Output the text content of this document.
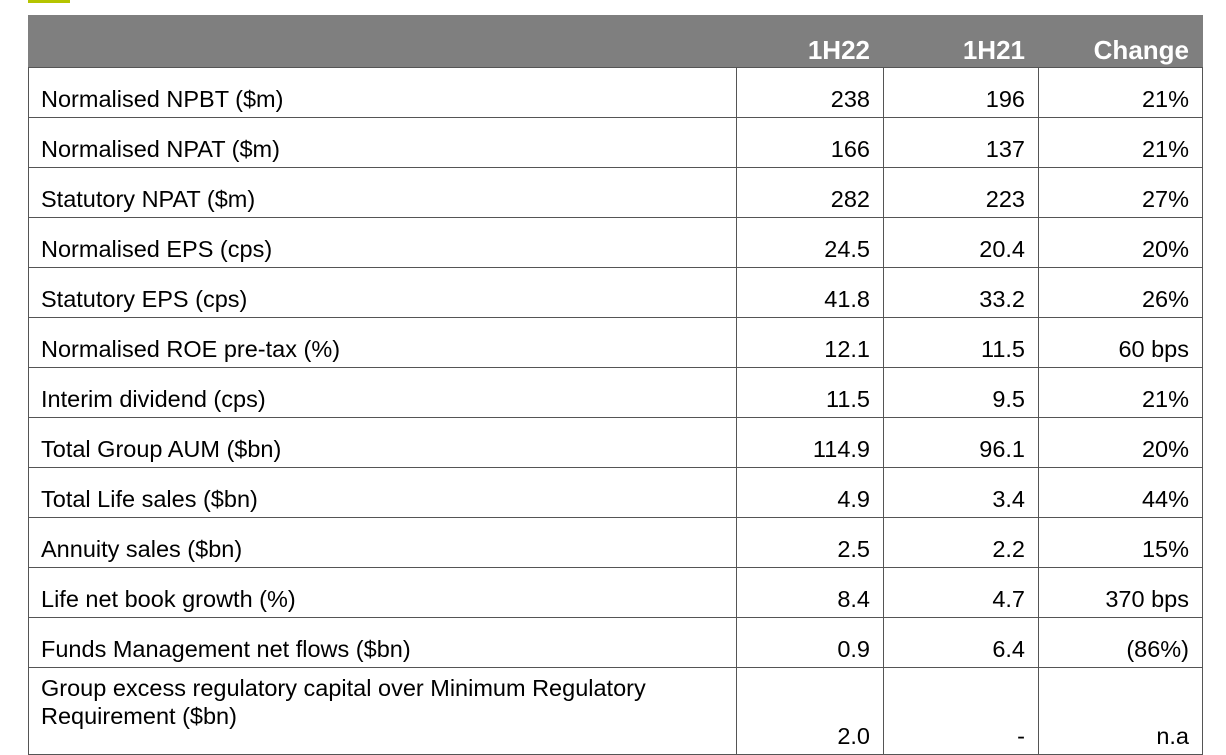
	1H22	1H21	Change
Normalised NPBT ($m)	238	196	21%
Normalised NPAT ($m)	166	137	21%
Statutory NPAT ($m)	282	223	27%
Normalised EPS (cps)	24.5	20.4	20%
Statutory EPS (cps)	41.8	33.2	26%
Normalised ROE pre-tax (%)	12.1	11.5	60 bps
Interim dividend (cps)	11.5	9.5	21%
Total Group AUM ($bn)	114.9	96.1	20%
Total Life sales ($bn)	4.9	3.4	44%
Annuity sales ($bn)	2.5	2.2	15%
Life net book growth (%)	8.4	4.7	370 bps
Funds Management net flows ($bn)	0.9	6.4	(86%)
Group excess regulatory capital over Minimum Regulatory Requirement ($bn)	2.0	-	n.a
